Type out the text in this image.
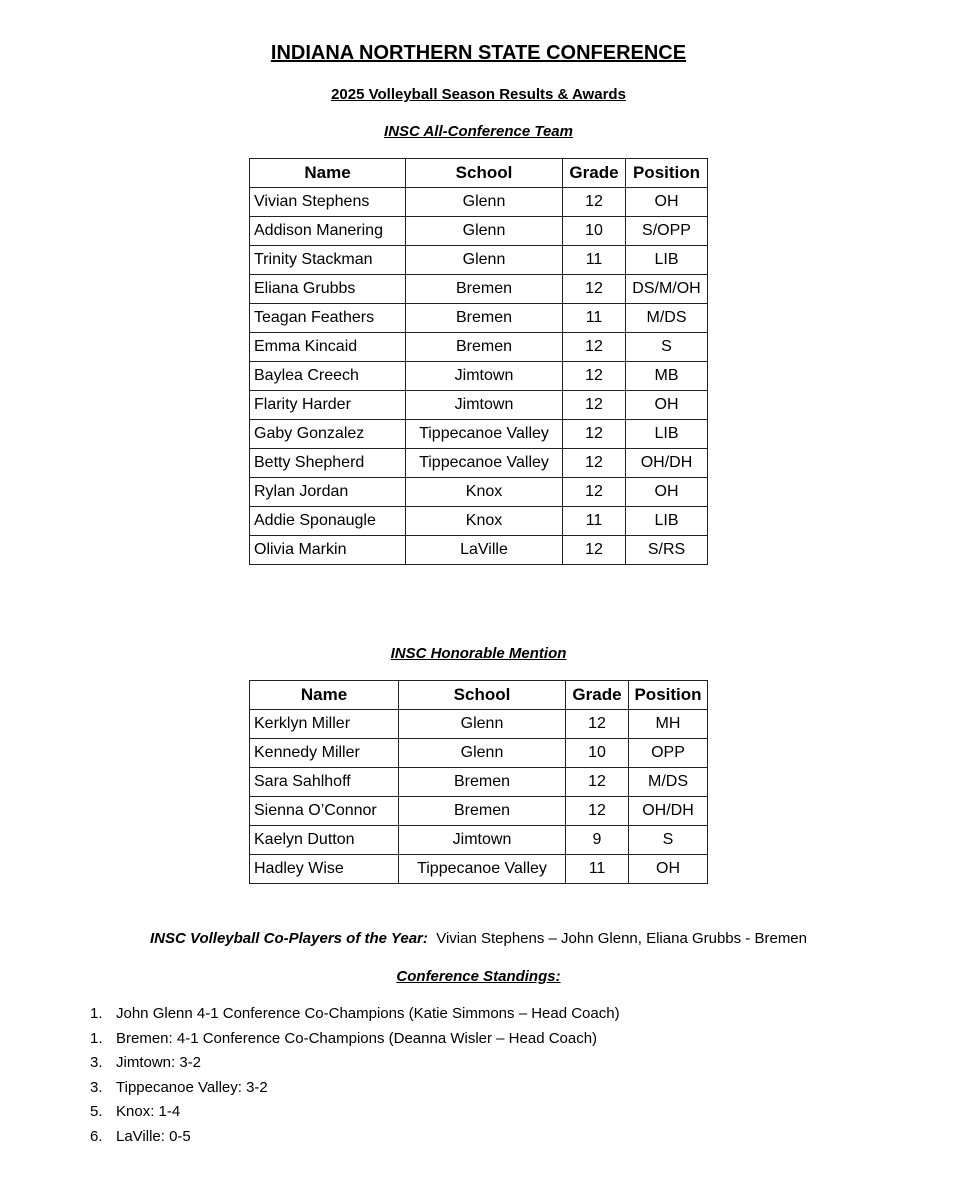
INDIANA NORTHERN STATE CONFERENCE
2025 Volleyball Season Results & Awards
INSC All-Conference Team
Name	School	Grade	Position
Vivian Stephens	Glenn	12	OH
Addison Manering	Glenn	10	S/OPP
Trinity Stackman	Glenn	11	LIB
Eliana Grubbs	Bremen	12	DS/M/OH
Teagan Feathers	Bremen	11	M/DS
Emma Kincaid	Bremen	12	S
Baylea Creech	Jimtown	12	MB
Flarity Harder	Jimtown	12	OH
Gaby Gonzalez	Tippecanoe Valley	12	LIB
Betty Shepherd	Tippecanoe Valley	12	OH/DH
Rylan Jordan	Knox	12	OH
Addie Sponaugle	Knox	11	LIB
Olivia Markin	LaVille	12	S/RS
INSC Honorable Mention
Name	School	Grade	Position
Kerklyn Miller	Glenn	12	MH
Kennedy Miller	Glenn	10	OPP
Sara Sahlhoff	Bremen	12	M/DS
Sienna O’Connor	Bremen	12	OH/DH
Kaelyn Dutton	Jimtown	9	S
Hadley Wise	Tippecanoe Valley	11	OH
INSC Volleyball Co-Players of the Year: Vivian Stephens – John Glenn, Eliana Grubbs - Bremen
Conference Standings:
1. John Glenn 4-1 Conference Co-Champions (Katie Simmons – Head Coach)
1. Bremen: 4-1 Conference Co-Champions (Deanna Wisler – Head Coach)
3. Jimtown: 3-2
3. Tippecanoe Valley: 3-2
5. Knox: 1-4
6. LaVille: 0-5
